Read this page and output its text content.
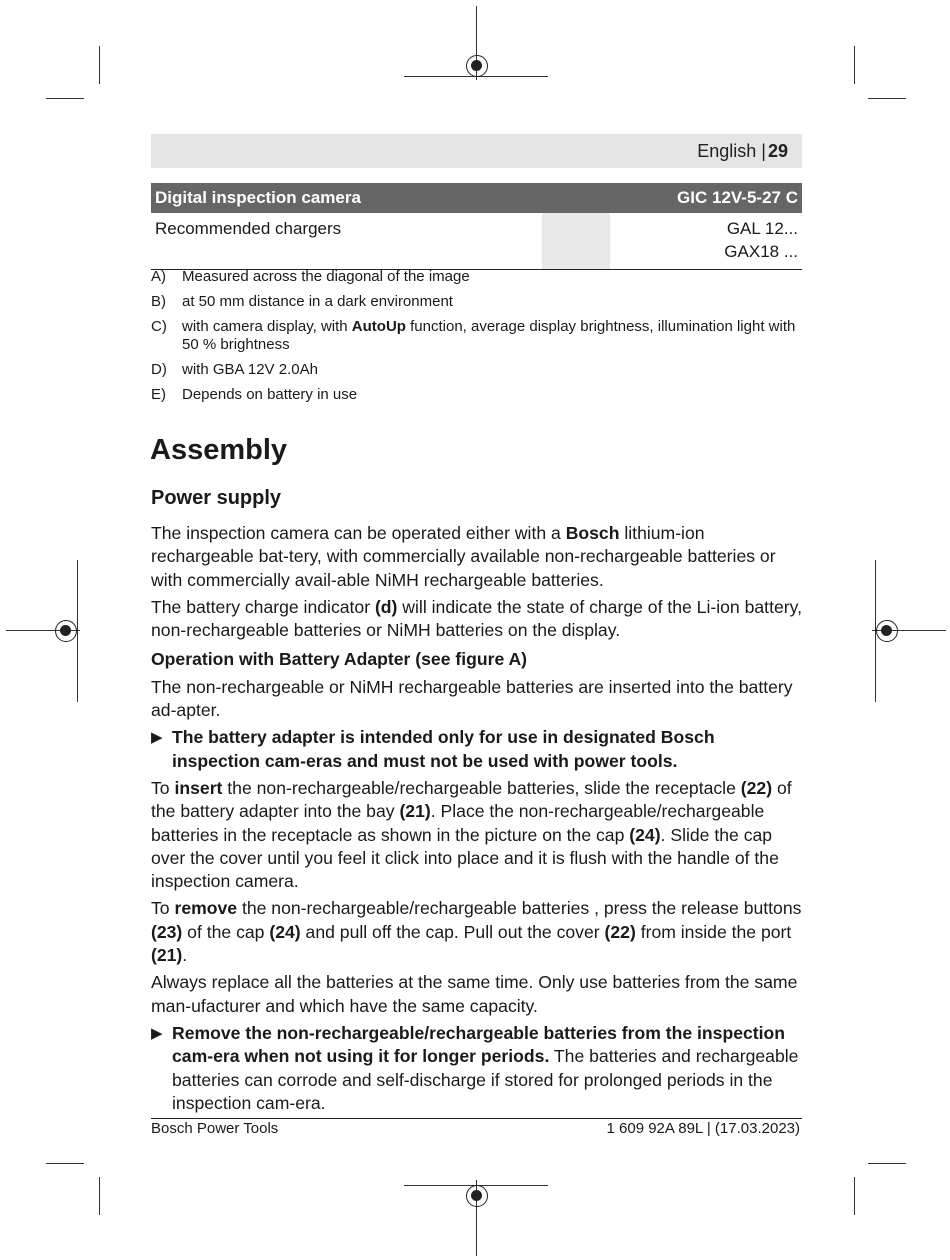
English | 29
Digital inspection camera		GIC 12V-5-27 C
Recommended chargers		GAL 12...
GAX18 ...
A)	Measured across the diagonal of the image
B)	at 50 mm distance in a dark environment
C)	with camera display, with AutoUp function, average display brightness, illumination light with 50 % brightness
D)	with GBA 12V 2.0Ah
E)	Depends on battery in use
Assembly
Power supply

The inspection camera can be operated either with a Bosch lithium-ion rechargeable bat-tery, with commercially available non-rechargeable batteries or with commercially avail-able NiMH rechargeable batteries.

The battery charge indicator (d) will indicate the state of charge of the Li-ion battery, non-rechargeable batteries or NiMH batteries on the display.

Operation with Battery Adapter (see figure A)

The non-rechargeable or NiMH rechargeable batteries are inserted into the battery ad-apter.

▶ The battery adapter is intended only for use in designated Bosch inspection cam-eras and must not be used with power tools.

To insert the non-rechargeable/rechargeable batteries, slide the receptacle (22) of the battery adapter into the bay (21). Place the non-rechargeable/rechargeable batteries in the receptacle as shown in the picture on the cap (24). Slide the cap over the cover until you feel it click into place and it is flush with the handle of the inspection camera.

To remove the non-rechargeable/rechargeable batteries , press the release buttons (23) of the cap (24) and pull off the cap. Pull out the cover (22) from inside the port (21).

Always replace all the batteries at the same time. Only use batteries from the same man-ufacturer and which have the same capacity.

▶ Remove the non-rechargeable/rechargeable batteries from the inspection cam-era when not using it for longer periods. The batteries and rechargeable batteries can corrode and self-discharge if stored for prolonged periods in the inspection cam-era.
Bosch Power Tools	1 609 92A 89L | (17.03.2023)
